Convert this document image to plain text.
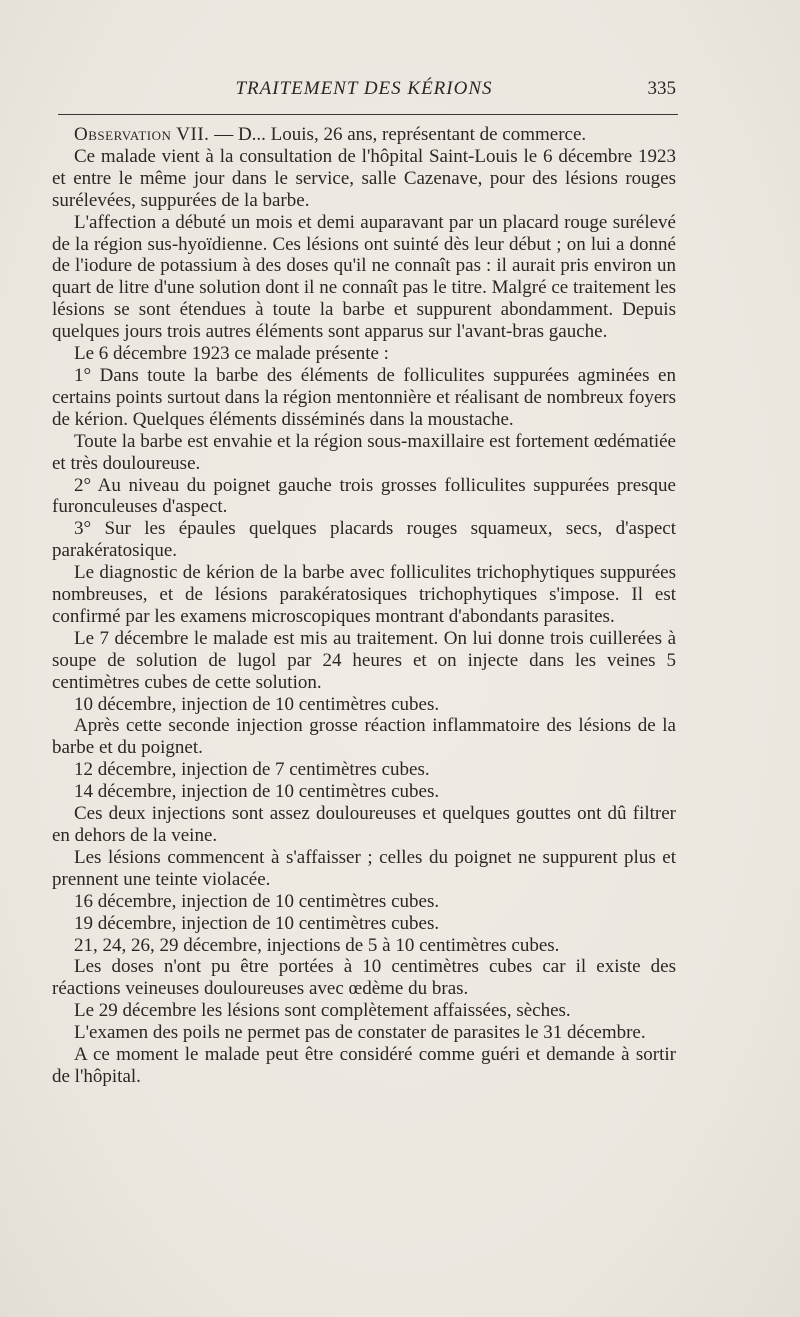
TRAITEMENT DES KÉRIONS	335

Observation VII. — D... Louis, 26 ans, représentant de commerce.

Ce malade vient à la consultation de l'hôpital Saint-Louis le 6 décembre 1923 et entre le même jour dans le service, salle Cazenave, pour des lésions rouges surélevées, suppurées de la barbe.

L'affection a débuté un mois et demi auparavant par un placard rouge surélevé de la région sus-hyoïdienne. Ces lésions ont suinté dès leur début ; on lui a donné de l'iodure de potassium à des doses qu'il ne connaît pas : il aurait pris environ un quart de litre d'une solution dont il ne connaît pas le titre. Malgré ce traitement les lésions se sont étendues à toute la barbe et suppurent abondamment. Depuis quelques jours trois autres éléments sont apparus sur l'avant-bras gauche.

Le 6 décembre 1923 ce malade présente :

1° Dans toute la barbe des éléments de folliculites suppurées agminées en certains points surtout dans la région mentonnière et réalisant de nombreux foyers de kérion. Quelques éléments disséminés dans la moustache.

Toute la barbe est envahie et la région sous-maxillaire est fortement œdématiée et très douloureuse.

2° Au niveau du poignet gauche trois grosses folliculites suppurées presque furonculeuses d'aspect.

3° Sur les épaules quelques placards rouges squameux, secs, d'aspect parakératosique.

Le diagnostic de kérion de la barbe avec folliculites trichophytiques suppurées nombreuses, et de lésions parakératosiques trichophytiques s'impose. Il est confirmé par les examens microscopiques montrant d'abondants parasites.

Le 7 décembre le malade est mis au traitement. On lui donne trois cuillerées à soupe de solution de lugol par 24 heures et on injecte dans les veines 5 centimètres cubes de cette solution.

10 décembre, injection de 10 centimètres cubes.

Après cette seconde injection grosse réaction inflammatoire des lésions de la barbe et du poignet.

12 décembre, injection de 7 centimètres cubes.

14 décembre, injection de 10 centimètres cubes.

Ces deux injections sont assez douloureuses et quelques gouttes ont dû filtrer en dehors de la veine.

Les lésions commencent à s'affaisser ; celles du poignet ne suppurent plus et prennent une teinte violacée.

16 décembre, injection de 10 centimètres cubes.

19 décembre, injection de 10 centimètres cubes.

21, 24, 26, 29 décembre, injections de 5 à 10 centimètres cubes.

Les doses n'ont pu être portées à 10 centimètres cubes car il existe des réactions veineuses douloureuses avec œdème du bras.

Le 29 décembre les lésions sont complètement affaissées, sèches.

L'examen des poils ne permet pas de constater de parasites le 31 décembre.

A ce moment le malade peut être considéré comme guéri et demande à sortir de l'hôpital.
